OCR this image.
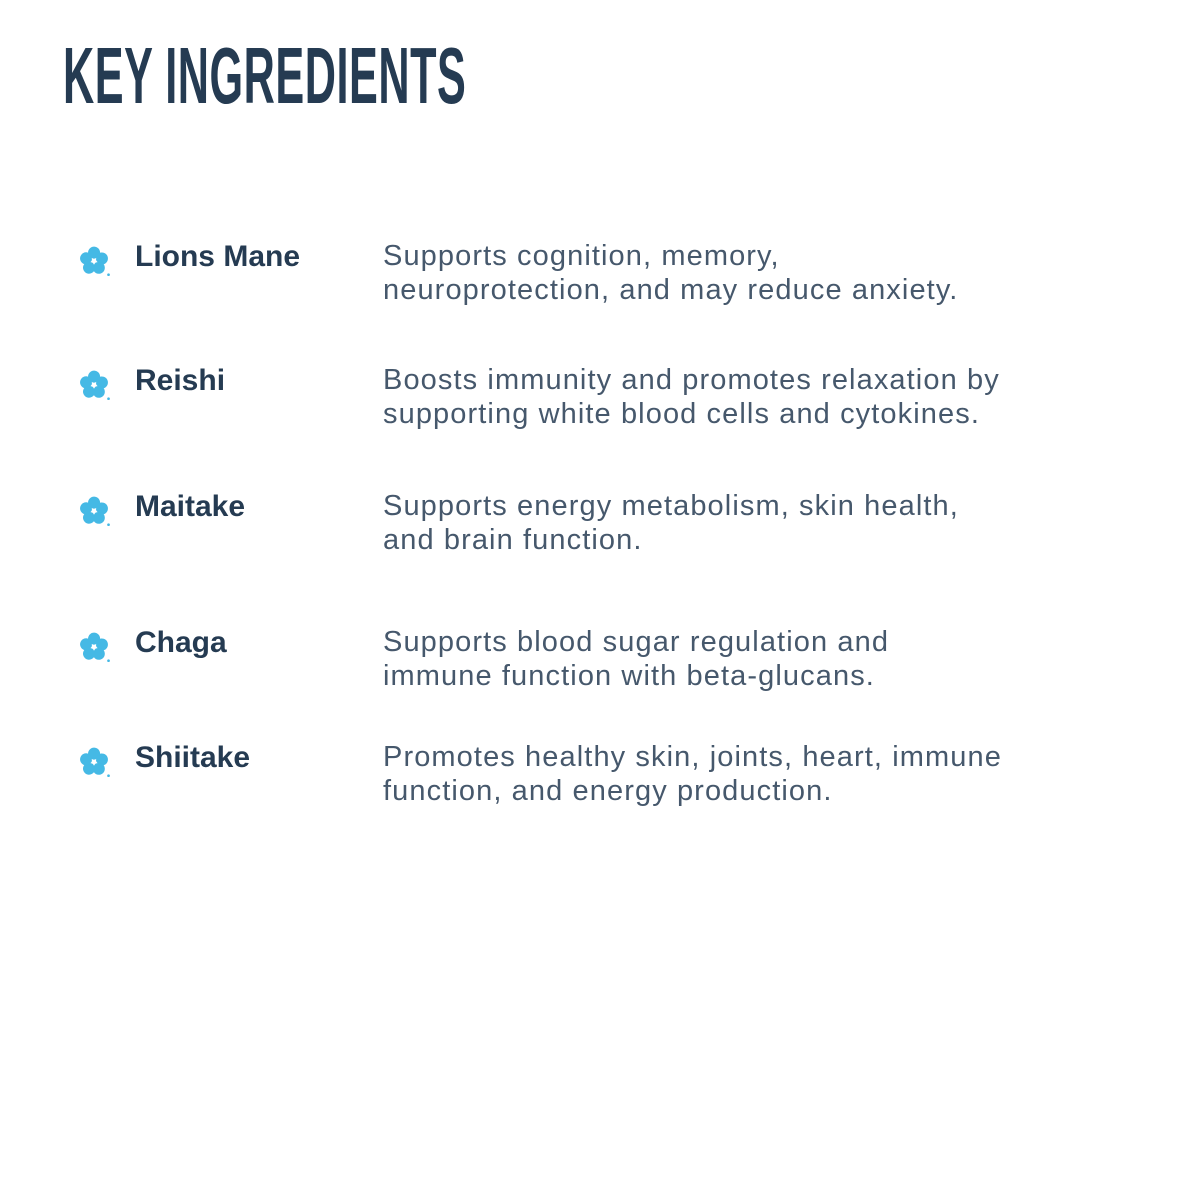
KEY INGREDIENTS
Lions Mane	Supports cognition, memory,
neuroprotection, and may reduce anxiety.
Reishi	Boosts immunity and promotes relaxation by
supporting white blood cells and cytokines.
Maitake	Supports energy metabolism, skin health,
and brain function.
Chaga	Supports blood sugar regulation and
immune function with beta-glucans.
Shiitake	Promotes healthy skin, joints, heart, immune
function, and energy production.
